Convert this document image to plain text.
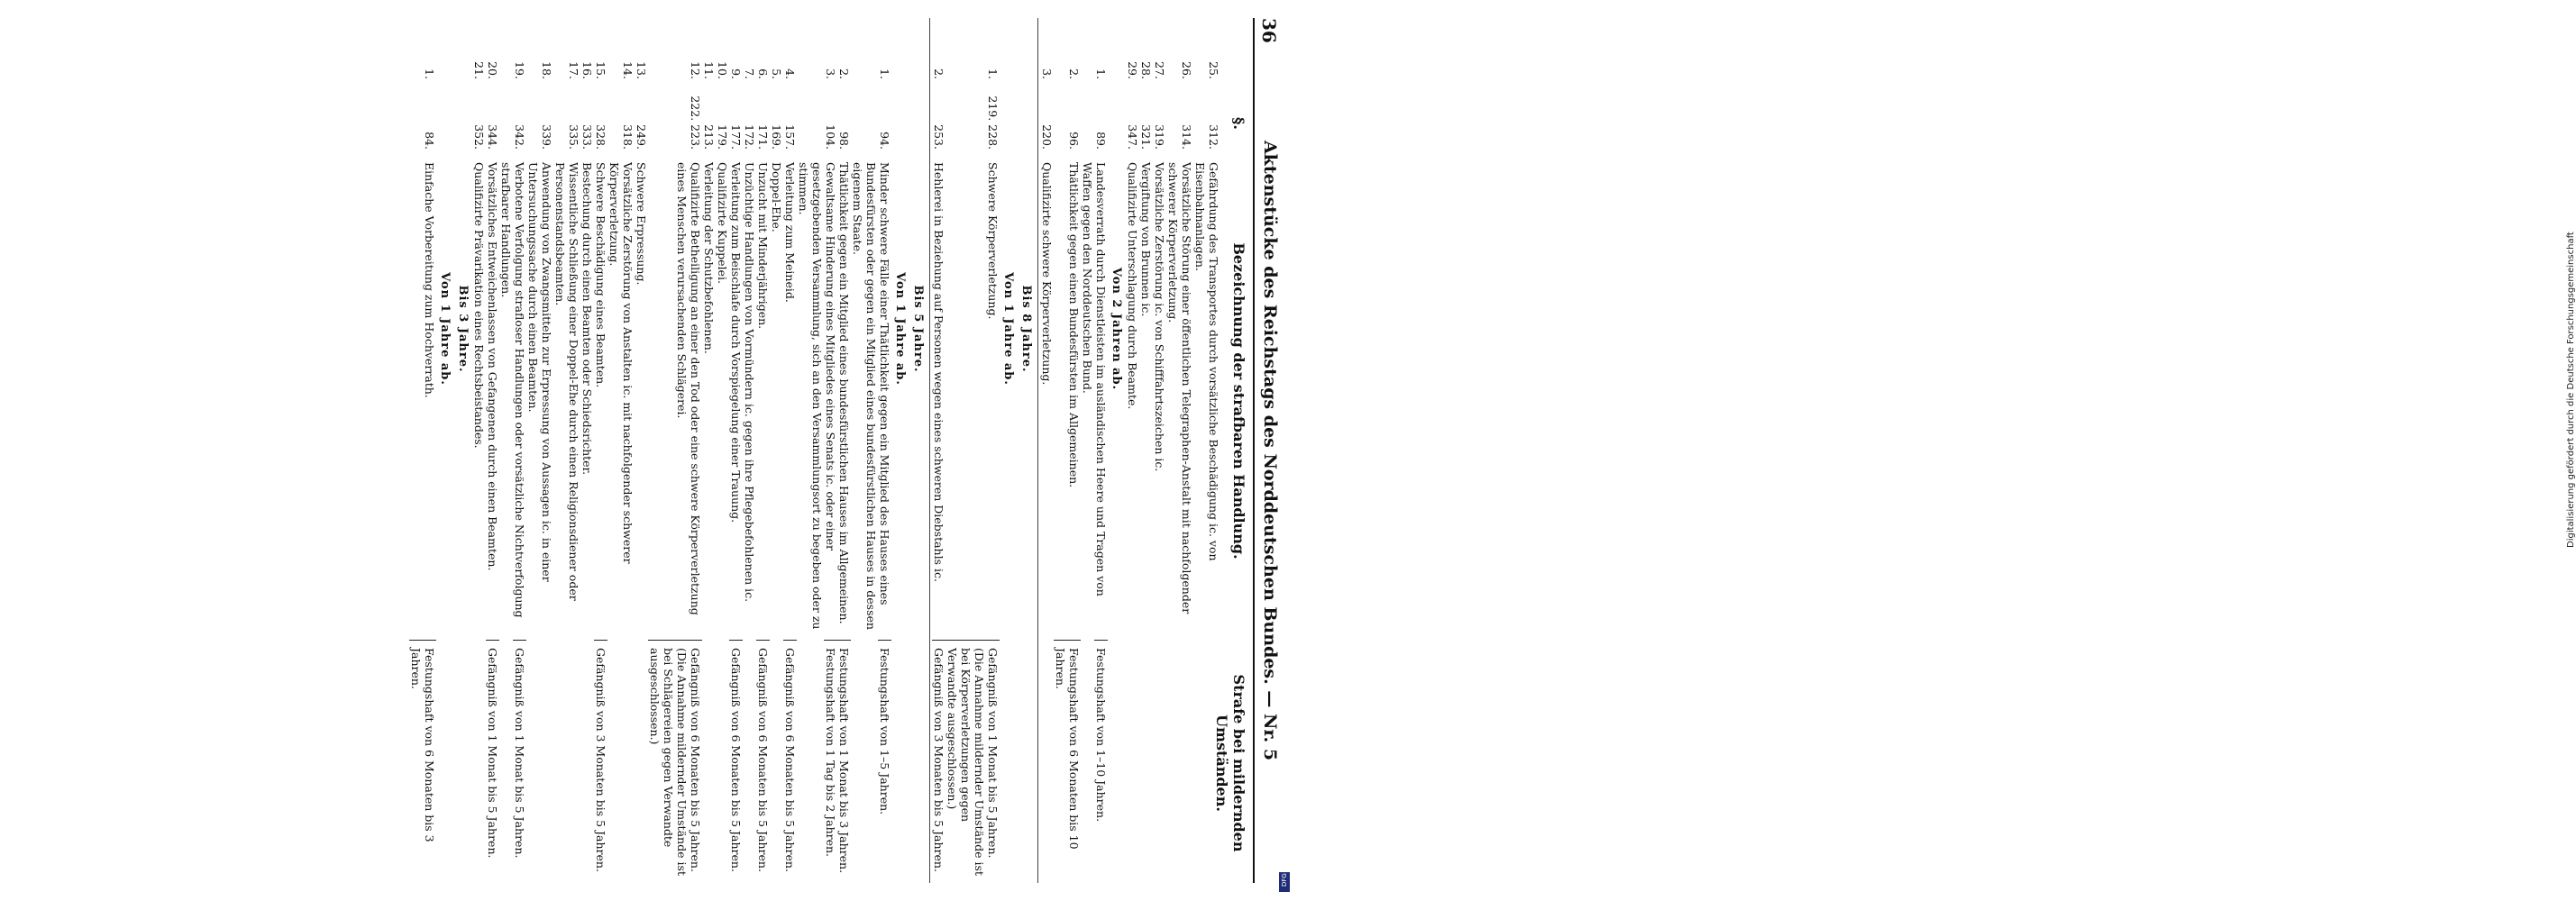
36
Aktenstücke des Reichstags des Norddeutschen Bundes. — Nr. 5
§.
Bezeichnung der strafbaren Handlung.
Strafe bei mildernden Umständen.
25.
312.
Gefährdung des Transportes durch vorsätzliche Beschädigung ic. von Eisenbahnanlagen.
26.
314.
Vorsätzliche Störung einer öffentlichen Telegraphen-Anstalt mit nachfolgender schwerer Körperverletzung.
27.
28.
29.
319.
321.
347.
Vorsätzliche Zerstörung ic. von Schifffahrtszeichen ic.
Vergiftung von Brunnen ic.
Qualifizirte Unterschlagung durch Beamte.
Von 2 Jahren ab.
1.
89.
Landesverrath durch Dienstleisten im ausländischen Heere und Tragen von Waffen gegen den Norddeutschen Bund.
Festungshaft von 1–10 Jahren.
2.
96.
Thätlichkeit gegen einen Bundesfürsten im Allgemeinen.
Festungshaft von 6 Monaten bis 10 Jahren.
3.
220.
Qualifizirte schwere Körperverletzung.
Bis 8 Jahre.
Von 1 Jahre ab.
1.
219. 228.
Schwere Körperverletzung.
Gefängniß von 1 Monat bis 5 Jahren. (Die Annahme mildernder Umstände ist bei Körperverletzungen gegen Verwandte ausgeschlossen.)
2.
253.
Hehlerei in Beziehung auf Personen wegen eines schweren Diebstahls ic.
Gefängniß von 3 Monaten bis 5 Jahren.
Bis 5 Jahre.
Von 1 Jahre ab.
1.
94.
Minder schwere Fälle einer Thätlichkeit gegen ein Mitglied des Hauses eines Bundesfürsten oder gegen ein Mitglied eines bundesfürstlichen Hauses in dessen eigenem Staate.
Festungshaft von 1–5 Jahren.
2.
98.
Thätlichkeit gegen ein Mitglied eines bundesfürstlichen Hauses im Allgemeinen.
Festungshaft von 1 Monat bis 3 Jahren.
3.
104.
Gewaltsame Hinderung eines Mitgliedes eines Senats ic. oder einer gesetzgebenden Versammlung, sich an den Versammlungsort zu begeben oder zu stimmen.
Festungshaft von 1 Tag bis 2 Jahren.
4.
5.
157.
169.
Verleitung zum Meineid.
Doppel-Ehe.
Gefängniß von 6 Monaten bis 5 Jahren.
6.
7.
171.
172.
Unzucht mit Minderjährigen.
Unzüchtige Handlungen von Vormündern ic. gegen ihre Pflegebefohlenen ic.
Gefängniß von 6 Monaten bis 5 Jahren.
9.
177.
Verleitung zum Beischlafe durch Vorspiegelung einer Trauung.
Gefängniß von 6 Monaten bis 5 Jahren.
10.
11.
179.
213.
Qualifizirte Kuppelei.
Verleitung der Schutzbefohlenen.
12.
222. 223.
Qualifizirte Betheiligung an einer den Tod oder eine schwere Körperverletzung eines Menschen verursachenden Schlägerei.
Gefängniß von 6 Monaten bis 5 Jahren. (Die Annahme mildernder Umstände ist bei Schlägereien gegen Verwandte ausgeschlossen.)
13.
14.
249.
318.
Schwere Erpressung.
Vorsätzliche Zerstörung von Anstalten ic. mit nachfolgender schwerer Körperverletzung.
15.
328.
Schwere Beschädigung eines Beamten.
Gefängniß von 3 Monaten bis 5 Jahren.
16.
17.
333.
335.
Bestechung durch einen Beamten oder Schiedsrichter.
Wissentliche Schließung einer Doppel-Ehe durch einen Religionsdiener oder Personenstandsbeamten.
18.
339.
Anwendung von Zwangsmitteln zur Erpressung von Aussagen ic. in einer Untersuchungssache durch einen Beamten.
19.
342.
Verbotene Verfolgung strafloser Handlungen oder vorsätzliche Nichtverfolgung strafbarer Handlungen.
Gefängniß von 1 Monat bis 5 Jahren.
20.
344.
Vorsätzliches Entweichenlassen von Gefangenen durch einen Beamten.
Gefängniß von 1 Monat bis 5 Jahren.
21.
352.
Qualifizirte Prävarikation eines Rechtsbeistandes.
Bis 3 Jahre.
Von 1 Jahre ab.
1.
84.
Einfache Vorbereitung zum Hochverrath.
Festungshaft von 6 Monaten bis 3 Jahren.
Digitalisierung gefördert durch die Deutsche Forschungsgemeinschaft
DFG
